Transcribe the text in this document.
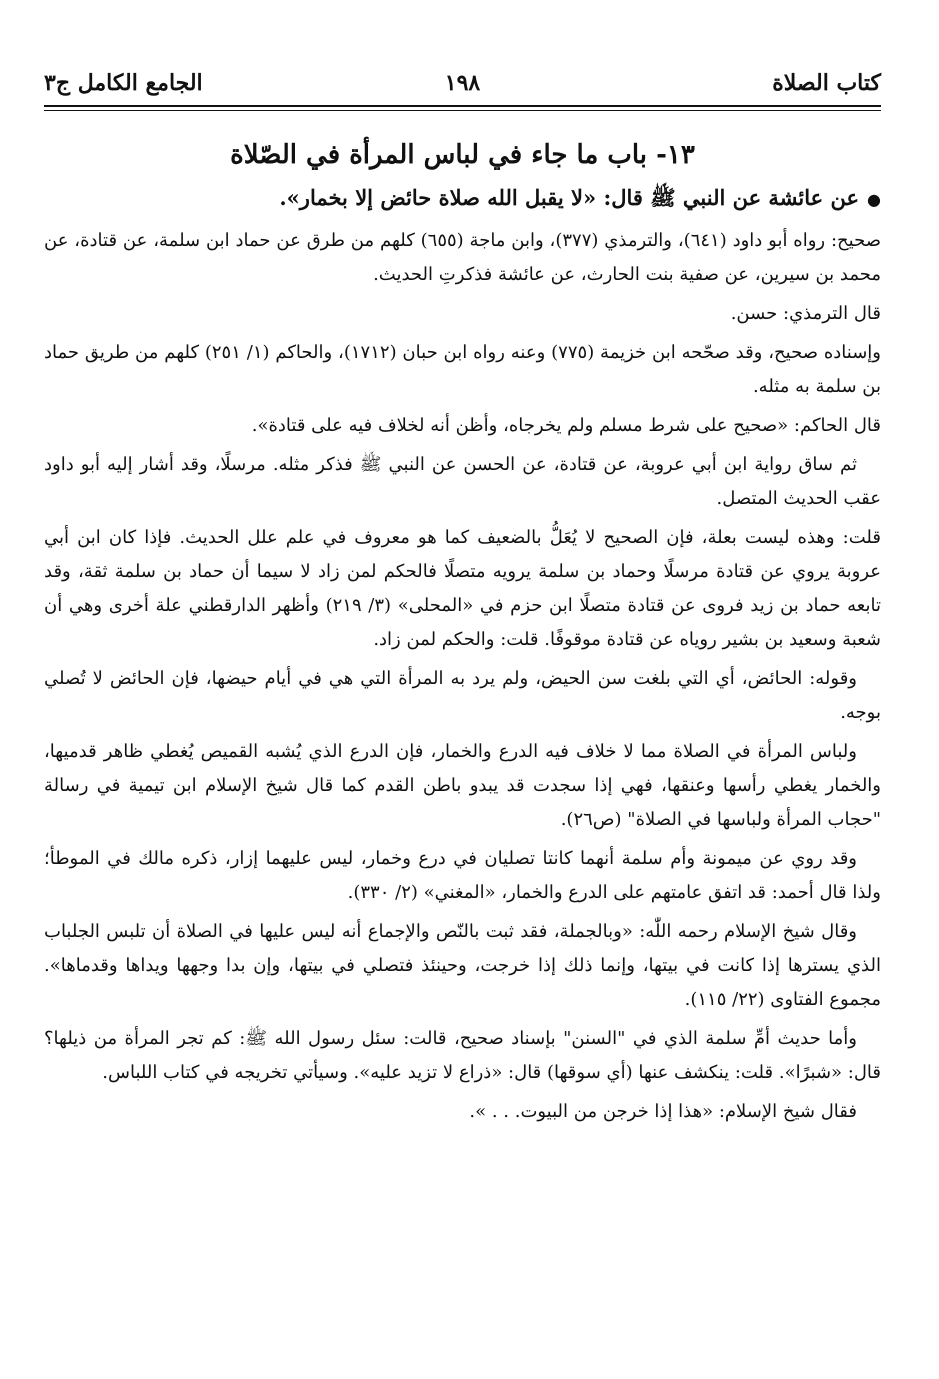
كتاب الصلاة
١٩٨
الجامع الكامل ج٣
١٣- باب ما جاء في لباس المرأة في الصّلاة
●عن عائشة عن النبي ﷺ قال: «لا يقبل الله صلاة حائض إلا بخمار».

صحيح: رواه أبو داود (٦٤١)، والترمذي (٣٧٧)، وابن ماجة (٦٥٥) كلهم من طرق عن حماد ابن سلمة، عن قتادة، عن محمد بن سيرين، عن صفية بنت الحارث، عن عائشة فذكرتِ الحديث.

قال الترمذي: حسن.

وإسناده صحيح، وقد صحّحه ابن خزيمة (٧٧٥) وعنه رواه ابن حبان (١٧١٢)، والحاكم (١/ ٢٥١) كلهم من طريق حماد بن سلمة به مثله.

قال الحاكم: «صحيح على شرط مسلم ولم يخرجاه، وأظن أنه لخلاف فيه على قتادة».

ثم ساق رواية ابن أبي عروبة، عن قتادة، عن الحسن عن النبي ﷺ فذكر مثله. مرسلًا، وقد أشار إليه أبو داود عقب الحديث المتصل.

قلت: وهذه ليست بعلة، فإن الصحيح لا يُعَلُّ بالضعيف كما هو معروف في علم علل الحديث. فإذا كان ابن أبي عروبة يروي عن قتادة مرسلًا وحماد بن سلمة يرويه متصلًا فالحكم لمن زاد لا سيما أن حماد بن سلمة ثقة، وقد تابعه حماد بن زيد فروى عن قتادة متصلًا ابن حزم في «المحلى» (٣/ ٢١٩) وأظهر الدارقطني علة أخرى وهي أن شعبة وسعيد بن بشير روياه عن قتادة موقوفًا. قلت: والحكم لمن زاد.

وقوله: الحائض، أي التي بلغت سن الحيض، ولم يرد به المرأة التي هي في أيام حيضها، فإن الحائض لا تُصلي بوجه.

ولباس المرأة في الصلاة مما لا خلاف فيه الدرع والخمار، فإن الدرع الذي يُشبه القميص يُغطي ظاهر قدميها، والخمار يغطي رأسها وعنقها، فهي إذا سجدت قد يبدو باطن القدم كما قال شيخ الإسلام ابن تيمية في رسالة "حجاب المرأة ولباسها في الصلاة" (ص٢٦).

وقد روي عن ميمونة وأم سلمة أنهما كانتا تصليان في درع وخمار، ليس عليهما إزار، ذكره مالك في الموطأ؛ ولذا قال أحمد: قد اتفق عامتهم على الدرع والخمار، «المغني» (٢/ ٣٣٠).

وقال شيخ الإسلام رحمه اللّٰه: «وبالجملة، فقد ثبت بالنّص والإجماع أنه ليس عليها في الصلاة أن تلبس الجلباب الذي يسترها إذا كانت في بيتها، وإنما ذلك إذا خرجت، وحينئذ فتصلي في بيتها، وإن بدا وجهها ويداها وقدماها». مجموع الفتاوى (٢٢/ ١١٥).

وأما حديث أمِّ سلمة الذي في "السنن" بإسناد صحيح، قالت: سئل رسول الله ﷺ: كم تجر المرأة من ذيلها؟ قال: «شبرًا». قلت: ينكشف عنها (أي سوقها) قال: «ذراع لا تزيد عليه». وسيأتي تخريجه في كتاب اللباس.

فقال شيخ الإسلام: «هذا إذا خرجن من البيوت. . . ».
